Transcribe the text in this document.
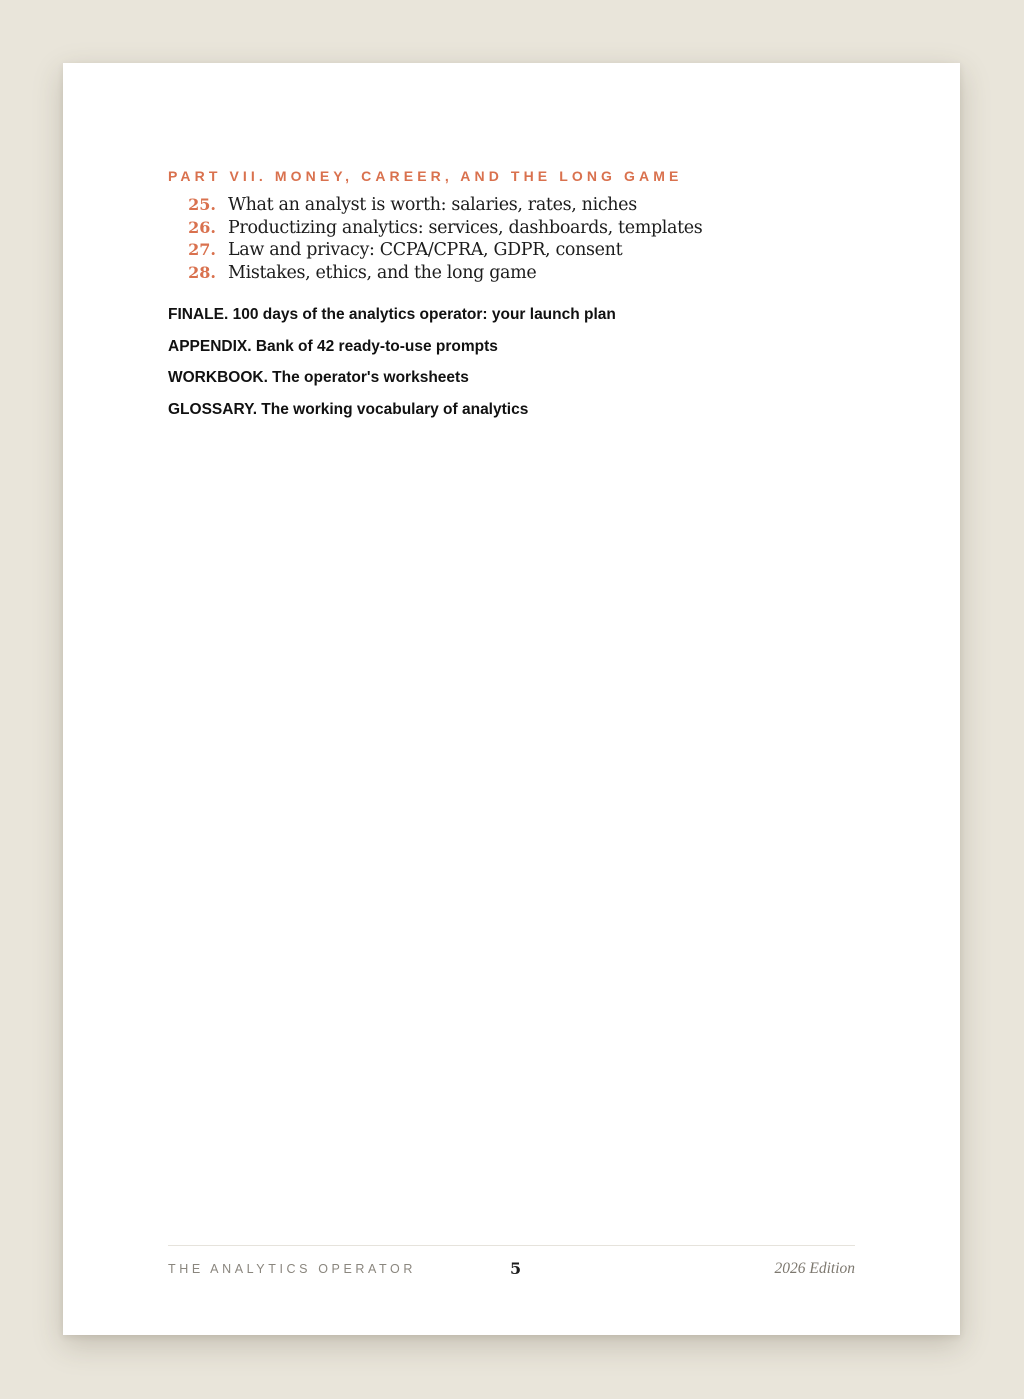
PART VII. MONEY, CAREER, AND THE LONG GAME
25. What an analyst is worth: salaries, rates, niches
26. Productizing analytics: services, dashboards, templates
27. Law and privacy: CCPA/CPRA, GDPR, consent
28. Mistakes, ethics, and the long game
FINALE. 100 days of the analytics operator: your launch plan
APPENDIX. Bank of 42 ready-to-use prompts
WORKBOOK. The operator's worksheets
GLOSSARY. The working vocabulary of analytics
THE ANALYTICS OPERATOR	5	2026 Edition
